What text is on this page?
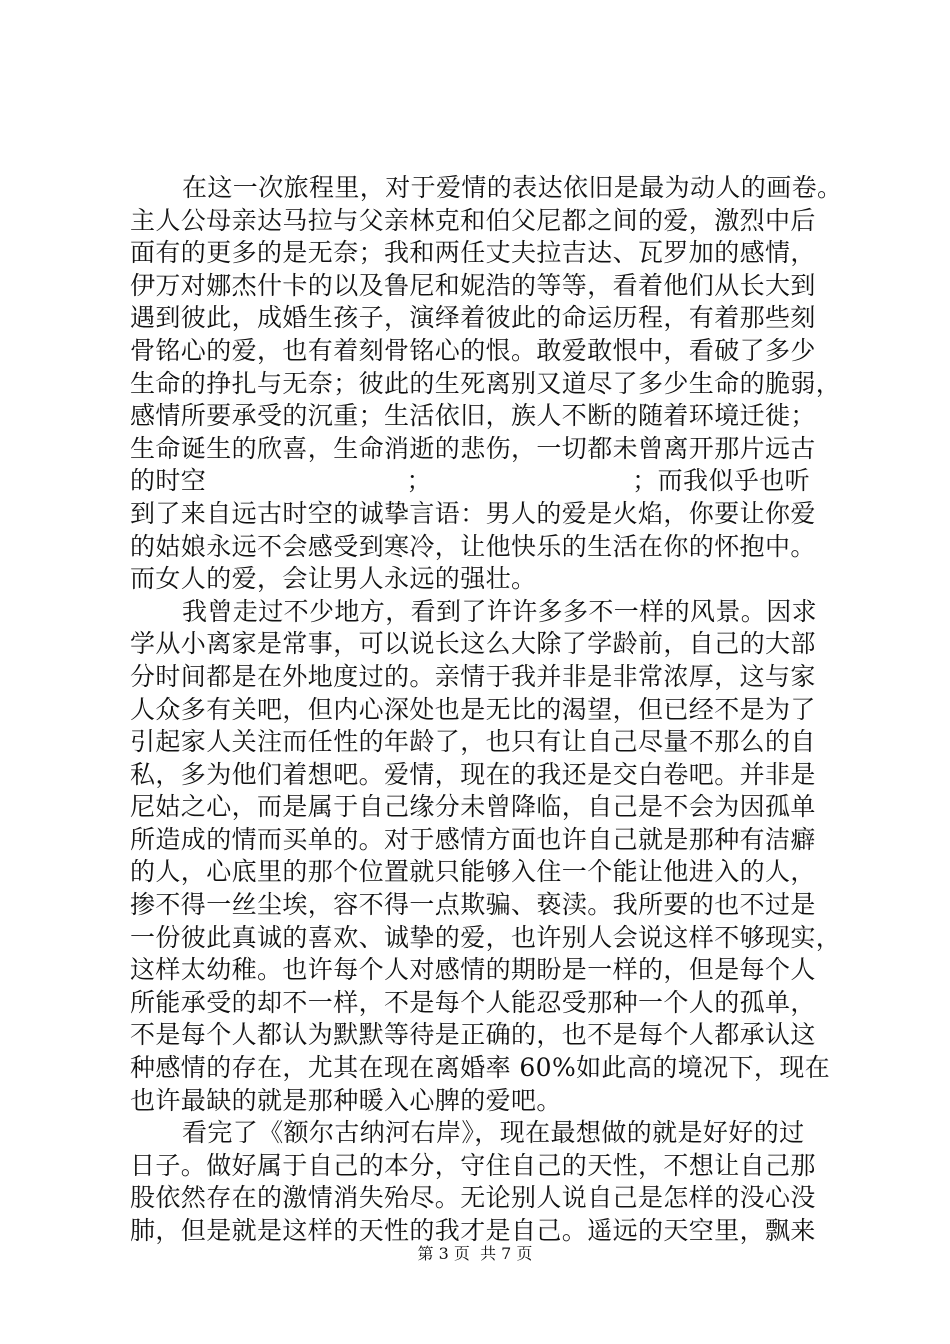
在这一次旅程里，对于爱情的表达依旧是最为动人的画卷。
主人公母亲达马拉与父亲林克和伯父尼都之间的爱，激烈中后
面有的更多的是无奈；我和两任丈夫拉吉达、瓦罗加的感情，
伊万对娜杰什卡的以及鲁尼和妮浩的等等，看着他们从长大到
遇到彼此，成婚生孩子，演绎着彼此的命运历程，有着那些刻
骨铭心的爱，也有着刻骨铭心的恨。敢爱敢恨中，看破了多少
生命的挣扎与无奈；彼此的生死离别又道尽了多少生命的脆弱，
感情所要承受的沉重；生活依旧，族人不断的随着环境迁徙；
生命诞生的欣喜，生命消逝的悲伤，一切都未曾离开那片远古
的时空                        ；                        ；而我似乎也听
到了来自远古时空的诚挚言语：男人的爱是火焰，你要让你爱
的姑娘永远不会感受到寒冷，让他快乐的生活在你的怀抱中。
而女人的爱，会让男人永远的强壮。
我曾走过不少地方，看到了许许多多不一样的风景。因求
学从小离家是常事，可以说长这么大除了学龄前，自己的大部
分时间都是在外地度过的。亲情于我并非是非常浓厚，这与家
人众多有关吧，但内心深处也是无比的渴望，但已经不是为了
引起家人关注而任性的年龄了，也只有让自己尽量不那么的自
私，多为他们着想吧。爱情，现在的我还是交白卷吧。并非是
尼姑之心，而是属于自己缘分未曾降临，自己是不会为因孤单
所造成的情而买单的。对于感情方面也许自己就是那种有洁癖
的人，心底里的那个位置就只能够入住一个能让他进入的人，
掺不得一丝尘埃，容不得一点欺骗、亵渎。我所要的也不过是
一份彼此真诚的喜欢、诚挚的爱，也许别人会说这样不够现实，
这样太幼稚。也许每个人对感情的期盼是一样的，但是每个人
所能承受的却不一样，不是每个人能忍受那种一个人的孤单，
不是每个人都认为默默等待是正确的，也不是每个人都承认这
种感情的存在，尤其在现在离婚率 60%如此高的境况下，现在
也许最缺的就是那种暖入心脾的爱吧。
看完了《额尔古纳河右岸》，现在最想做的就是好好的过
日子。做好属于自己的本分，守住自己的天性，不想让自己那
股依然存在的激情消失殆尽。无论别人说自己是怎样的没心没
肺，但是就是这样的天性的我才是自己。遥远的天空里，飘来
第 3 页  共 7 页
